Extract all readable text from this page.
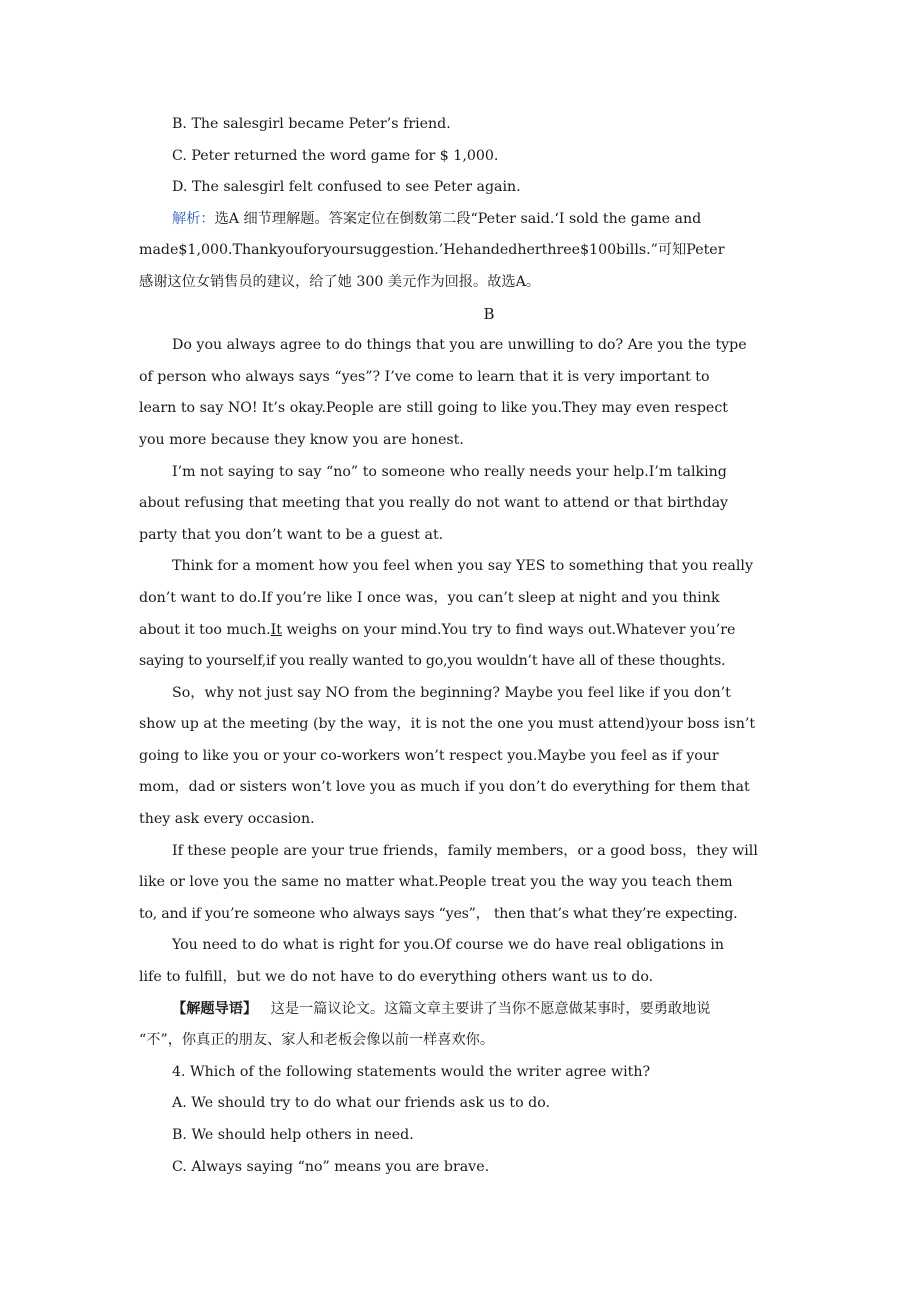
B. The salesgirl became Peter’s friend.
C. Peter returned the word game for $ 1,000.
D. The salesgirl felt confused to see Peter again.
解析：选A 细节理解题。答案定位在倒数第二段“Peter said.‘I sold the game and
made$1,000.Thankyouforyoursuggestion.’Hehandedherthree$100bills.”可知Peter
感谢这位女销售员的建议，给了她 300 美元作为回报。故选A。
B
Do you always agree to do things that you are unwilling to do? Are you the type
of person who always says “yes”? I’ve come to learn that it is very important to
learn to say NO! It’s okay.People are still going to like you.They may even respect
you more because they know you are honest.
I’m not saying to say “no” to someone who really needs your help.I’m talking
about refusing that meeting that you really do not want to attend or that birthday
party that you don’t want to be a guest at.
Think for a moment how you feel when you say YES to something that you really
don’t want to do.If you’re like I once was，you can’t sleep at night and you think
about it too much.It weighs on your mind.You try to find ways out.Whatever you’re
saying to yourself,if you really wanted to go,you wouldn’t have all of these thoughts.
So，why not just say NO from the beginning? Maybe you feel like if you don’t
show up at the meeting (by the way，it is not the one you must attend)your boss isn’t
going to like you or your co-workers won’t respect you.Maybe you feel as if your
mom，dad or sisters won’t love you as much if you don’t do everything for them that
they ask every occasion.
If these people are your true friends，family members，or a good boss，they will
like or love you the same no matter what.People treat you the way you teach them
to, and if you’re someone who always says “yes”， then that’s what they’re expecting.
You need to do what is right for you.Of course we do have real obligations in
life to fulfill，but we do not have to do everything others want us to do.
【解题导语】 这是一篇议论文。这篇文章主要讲了当你不愿意做某事时，要勇敢地说
“不”，你真正的朋友、家人和老板会像以前一样喜欢你。
4. Which of the following statements would the writer agree with?
A. We should try to do what our friends ask us to do.
B. We should help others in need.
C. Always saying “no” means you are brave.
